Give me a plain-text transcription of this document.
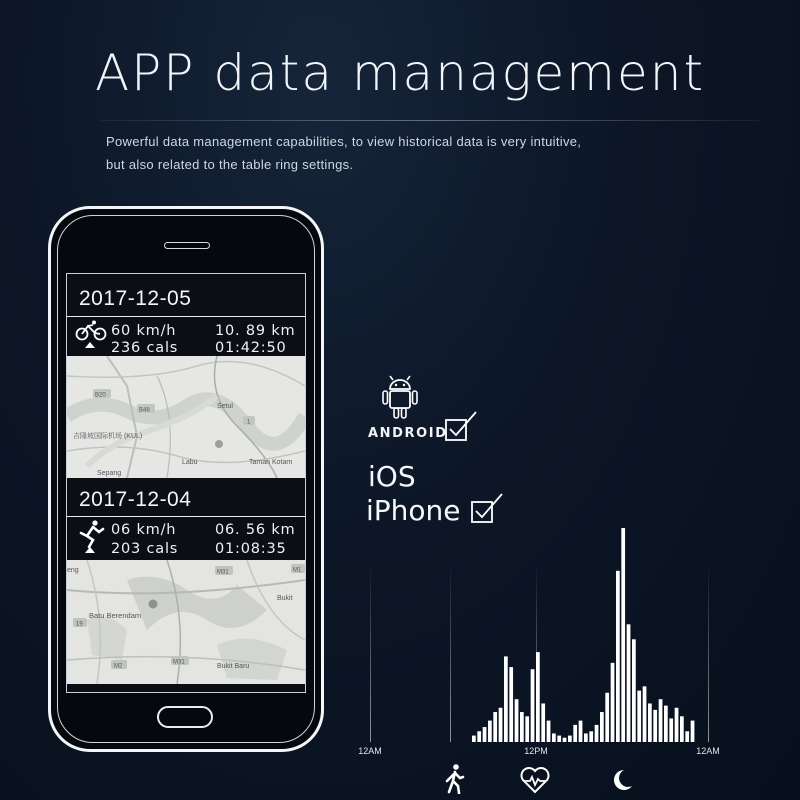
APP data management
Powerful data management capabilities, to view historical data is very intuitive,
but also related to the table ring settings.
2017-12-05
60 km/h	10. 89 km
236 cals	01:42:50
B20
B48
Setul
1
吉隆坡国际机场 (KUL)
Labu	Taman Kotam
Sepang
2017-12-04
06 km/h	06. 56 km
203 cals	01:08:35
eng	M31	M1
Bukit
Batu Berendam
19
M2
M31
Bukit Baru
ANDROID
iOS
iPhone
12AM	12PM	12AM
